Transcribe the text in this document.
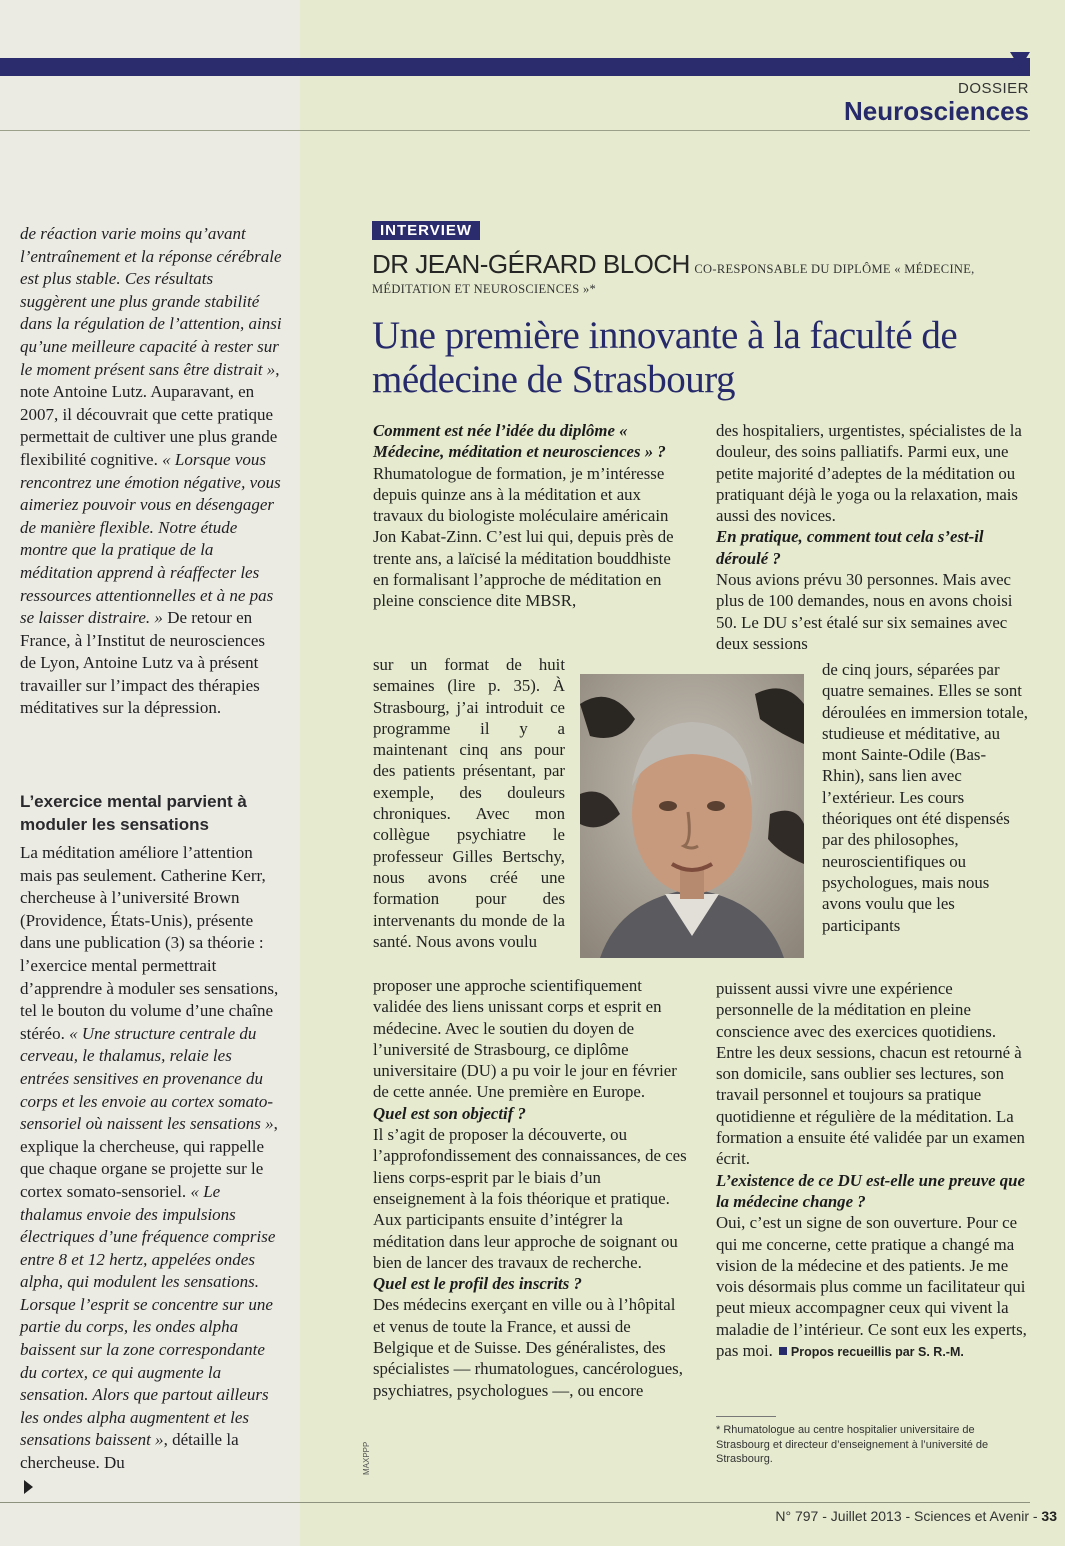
DOSSIER
Neurosciences

de réaction varie moins qu’avant l’entraînement et la réponse cérébrale est plus stable. Ces résultats suggèrent une plus grande stabilité dans la régulation de l’attention, ainsi qu’une meilleure capacité à rester sur le moment présent sans être distrait », note Antoine Lutz. Auparavant, en 2007, il découvrait que cette pratique permettait de cultiver une plus grande flexibilité cognitive. « Lorsque vous rencontrez une émotion négative, vous aimeriez pouvoir vous en désengager de manière flexible. Notre étude montre que la pratique de la méditation apprend à réaffecter les ressources attentionnelles et à ne pas se laisser distraire. » De retour en France, à l’Institut de neurosciences de Lyon, Antoine Lutz va à présent travailler sur l’impact des thérapies méditatives sur la dépression.

L’exercice mental parvient à moduler les sensations

La méditation améliore l’attention mais pas seulement. Catherine Kerr, chercheuse à l’université Brown (Providence, États-Unis), présente dans une publication (3) sa théorie : l’exercice mental permettrait d’apprendre à moduler ses sensations, tel le bouton du volume d’une chaîne stéréo. « Une structure centrale du cerveau, le thalamus, relaie les entrées sensitives en provenance du corps et les envoie au cortex somato-sensoriel où naissent les sensations », explique la chercheuse, qui rappelle que chaque organe se projette sur le cortex somato-sensoriel. « Le thalamus envoie des impulsions électriques d’une fréquence comprise entre 8 et 12 hertz, appelées ondes alpha, qui modulent les sensations. Lorsque l’esprit se concentre sur une partie du corps, les ondes alpha baissent sur la zone correspondante du cortex, ce qui augmente la sensation. Alors que partout ailleurs les ondes alpha augmentent et les sensations baissent », détaille la chercheuse. Du

INTERVIEW
DR JEAN-GÉRARD BLOCH CO-RESPONSABLE DU DIPLÔME « MÉDECINE, MÉDITATION ET NEUROSCIENCES »*
Une première innovante à la faculté de médecine de Strasbourg

Comment est née l’idée du diplôme « Médecine, méditation et neurosciences » ?

Rhumatologue de formation, je m’intéresse depuis quinze ans à la méditation et aux travaux du biologiste moléculaire américain Jon Kabat-Zinn. C’est lui qui, depuis près de trente ans, a laïcisé la méditation bouddhiste en formalisant l’approche de méditation en pleine conscience dite MBSR,

sur un format de huit semaines (lire p. 35). À Strasbourg, j’ai introduit ce programme il y a maintenant cinq ans pour des patients présentant, par exemple, des douleurs chroniques. Avec mon collègue psychiatre le professeur Gilles Bertschy, nous avons créé une formation pour des intervenants du monde de la santé. Nous avons voulu

proposer une approche scientifiquement validée des liens unissant corps et esprit en médecine. Avec le soutien du doyen de l’université de Strasbourg, ce diplôme universitaire (DU) a pu voir le jour en février de cette année. Une première en Europe.

Quel est son objectif ?

Il s’agit de proposer la découverte, ou l’approfondissement des connaissances, de ces liens corps-esprit par le biais d’un enseignement à la fois théorique et pratique. Aux participants ensuite d’intégrer la méditation dans leur approche de soignant ou bien de lancer des travaux de recherche.

Quel est le profil des inscrits ?

Des médecins exerçant en ville ou à l’hôpital et venus de toute la France, et aussi de Belgique et de Suisse. Des généralistes, des spécialistes — rhumatologues, cancérologues, psychiatres, psychologues —, ou encore

MAXPPP

des hospitaliers, urgentistes, spécialistes de la douleur, des soins palliatifs. Parmi eux, une petite majorité d’adeptes de la méditation ou pratiquant déjà le yoga ou la relaxation, mais aussi des novices.

En pratique, comment tout cela s’est-il déroulé ?

Nous avions prévu 30 personnes. Mais avec plus de 100 demandes, nous en avons choisi 50. Le DU s’est étalé sur six semaines avec deux sessions

de cinq jours, séparées par quatre semaines. Elles se sont déroulées en immersion totale, studieuse et méditative, au mont Sainte-Odile (Bas-Rhin), sans lien avec l’extérieur. Les cours théoriques ont été dispensés par des philosophes, neuroscientifiques ou psychologues, mais nous avons voulu que les participants

puissent aussi vivre une expérience personnelle de la méditation en pleine conscience avec des exercices quotidiens. Entre les deux sessions, chacun est retourné à son domicile, sans oublier ses lectures, son travail personnel et toujours sa pratique quotidienne et régulière de la méditation. La formation a ensuite été validée par un examen écrit.

L’existence de ce DU est-elle une preuve que la médecine change ?

Oui, c’est un signe de son ouverture. Pour ce qui me concerne, cette pratique a changé ma vision de la médecine et des patients. Je me vois désormais plus comme un facilitateur qui peut mieux accompagner ceux qui vivent la maladie de l’intérieur. Ce sont eux les experts, pas moi. Propos recueillis par S. R.-M.

* Rhumatologue au centre hospitalier universitaire de Strasbourg et directeur d’enseignement à l’université de Strasbourg.
N° 797 - Juillet 2013 - Sciences et Avenir - 33
